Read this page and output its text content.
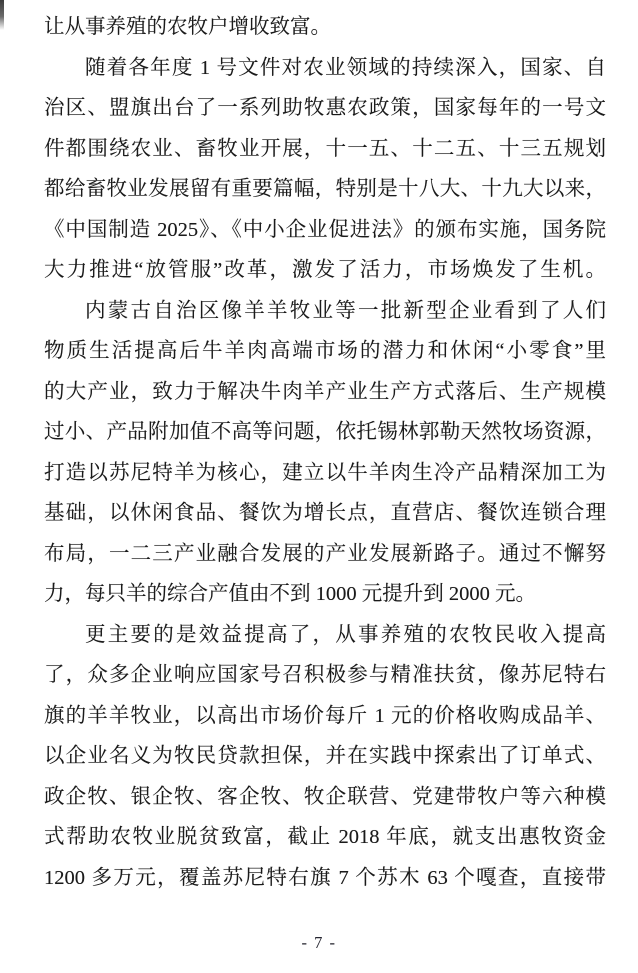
让从事养殖的农牧户增收致富。
随着各年度 1 号文件对农业领域的持续深入，国家、自
治区、盟旗出台了一系列助牧惠农政策，国家每年的一号文
件都围绕农业、畜牧业开展，十一五、十二五、十三五规划
都给畜牧业发展留有重要篇幅，特别是十八大、十九大以来，
《中国制造 2025》、《中小企业促进法》的颁布实施，国务院
大力推进“放管服”改革，激发了活力，市场焕发了生机。
内蒙古自治区像羊羊牧业等一批新型企业看到了人们
物质生活提高后牛羊肉高端市场的潜力和休闲“小零食”里
的大产业，致力于解决牛肉羊产业生产方式落后、生产规模
过小、产品附加值不高等问题，依托锡林郭勒天然牧场资源，
打造以苏尼特羊为核心，建立以牛羊肉生冷产品精深加工为
基础，以休闲食品、餐饮为增长点，直营店、餐饮连锁合理
布局，一二三产业融合发展的产业发展新路子。通过不懈努
力，每只羊的综合产值由不到 1000 元提升到 2000 元。
更主要的是效益提高了，从事养殖的农牧民收入提高
了，众多企业响应国家号召积极参与精准扶贫，像苏尼特右
旗的羊羊牧业，以高出市场价每斤 1 元的价格收购成品羊、
以企业名义为牧民贷款担保，并在实践中探索出了订单式、
政企牧、银企牧、客企牧、牧企联营、党建带牧户等六种模
式帮助农牧业脱贫致富，截止 2018 年底，就支出惠牧资金
1200 多万元，覆盖苏尼特右旗 7 个苏木 63 个嘎查，直接带
- 7 -
